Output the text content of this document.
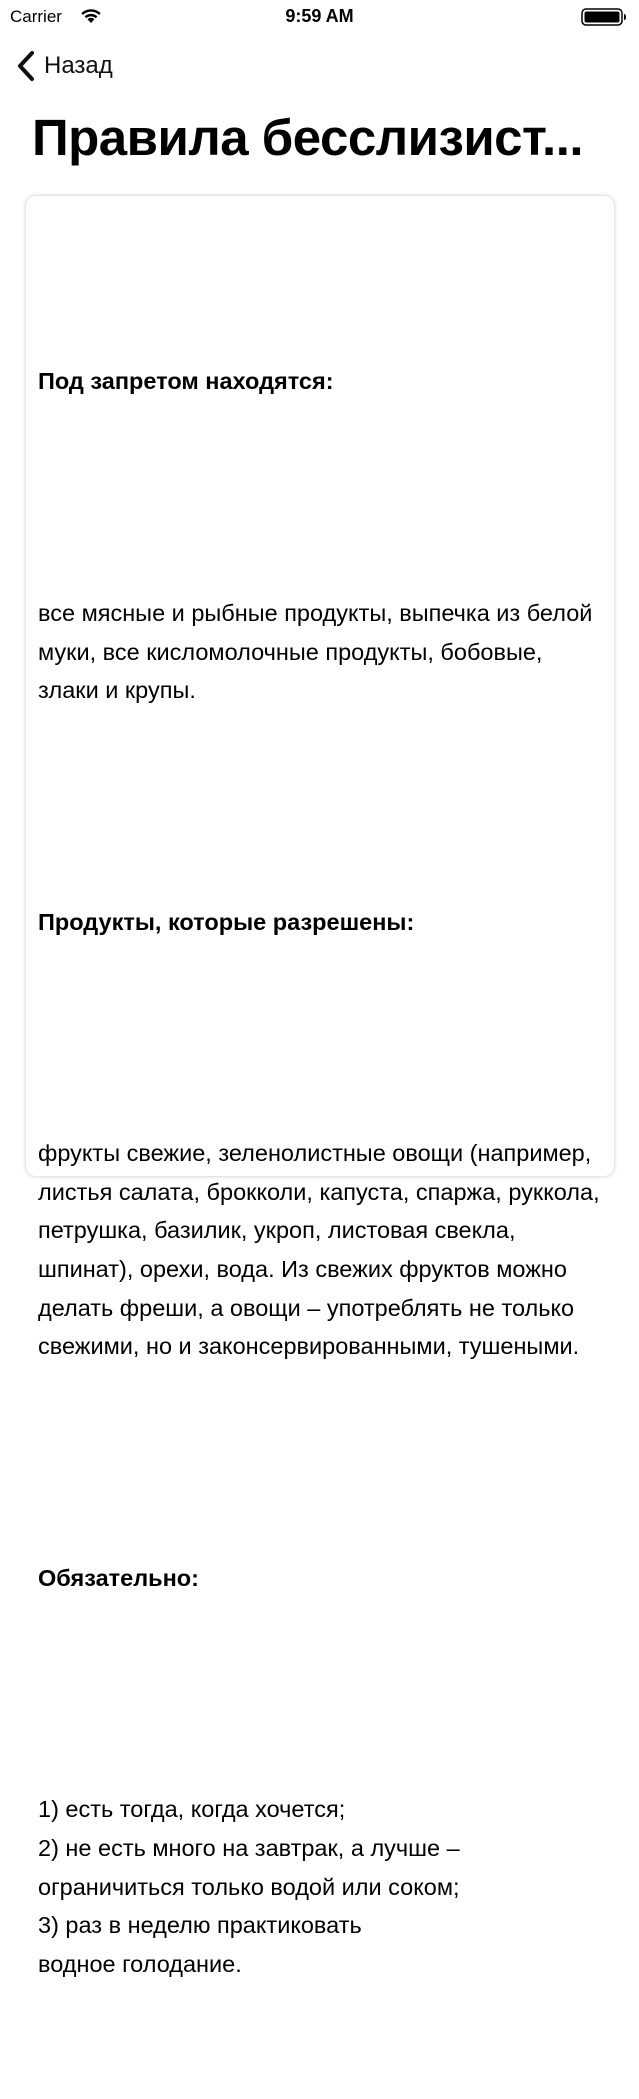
Carrier	9:59 AM
Назад
Правила бесслизист...

Под запретом находятся:

все мясные и рыбные продукты, выпечка из белой муки, все кисломолочные продукты, бобовые, злаки и крупы.

Продукты, которые разрешены:

фрукты свежие, зеленолистные овощи (например, листья салата, брокколи, капуста, спаржа, руккола, петрушка, базилик, укроп, листовая свекла, шпинат), орехи, вода. Из свежих фруктов можно делать фреши, а овощи – употреблять не только свежими, но и законсервированными, тушеными.

Обязательно:

1) есть тогда, когда хочется;
2) не есть много на завтрак, а лучше – ограничиться только водой или соком;
3) раз в неделю практиковать
водное голодание.
